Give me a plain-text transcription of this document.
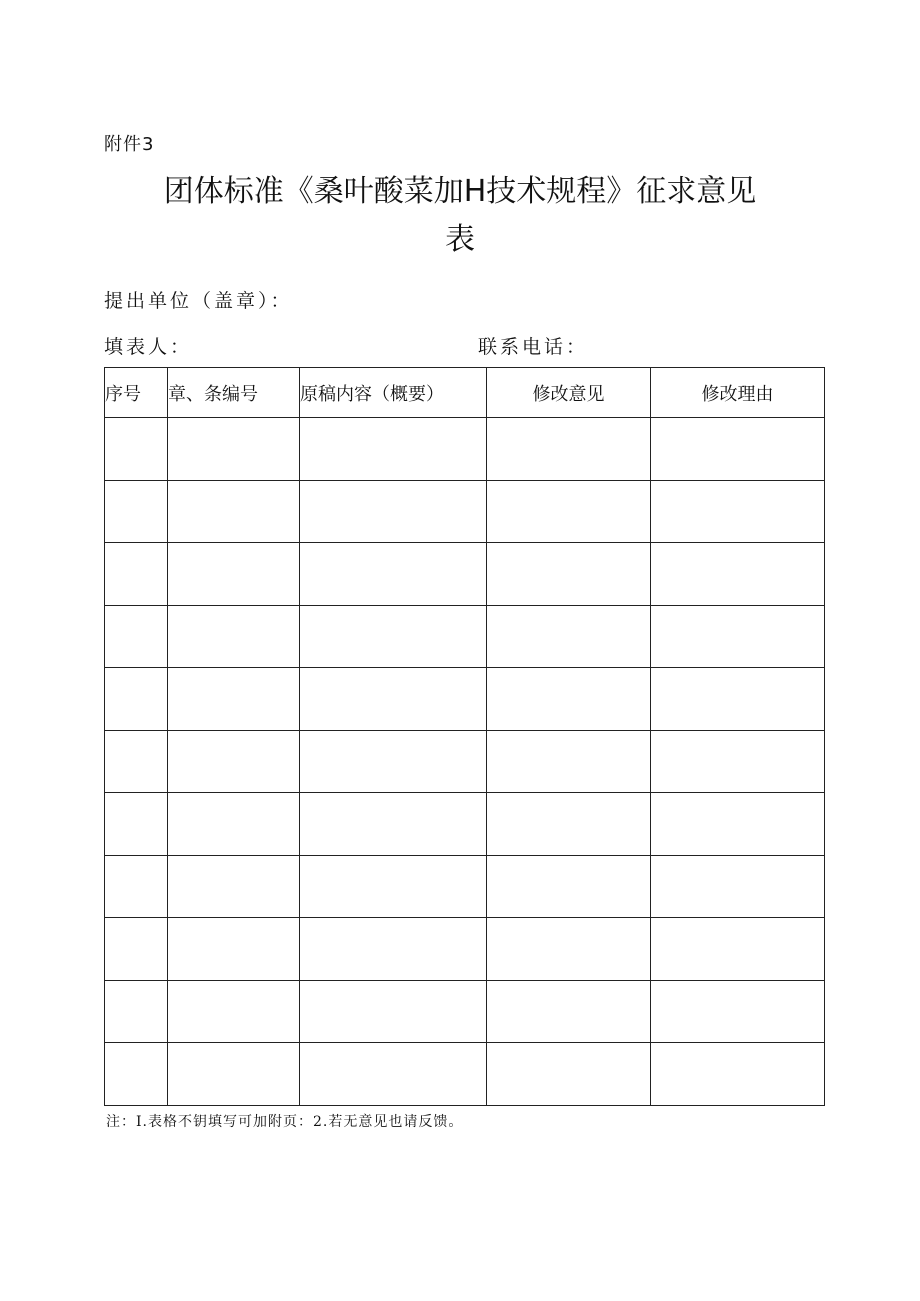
附件3
团体标准《桑叶酸菜加H技术规程》征求意见
表
提出单位（盖章）：
填表人：	联系电话：
序号	章、条编号	原稿内容（概要）	修改意见	修改理由

注：I.表格不钥填写可加附页：2.若无意见也请反馈。
